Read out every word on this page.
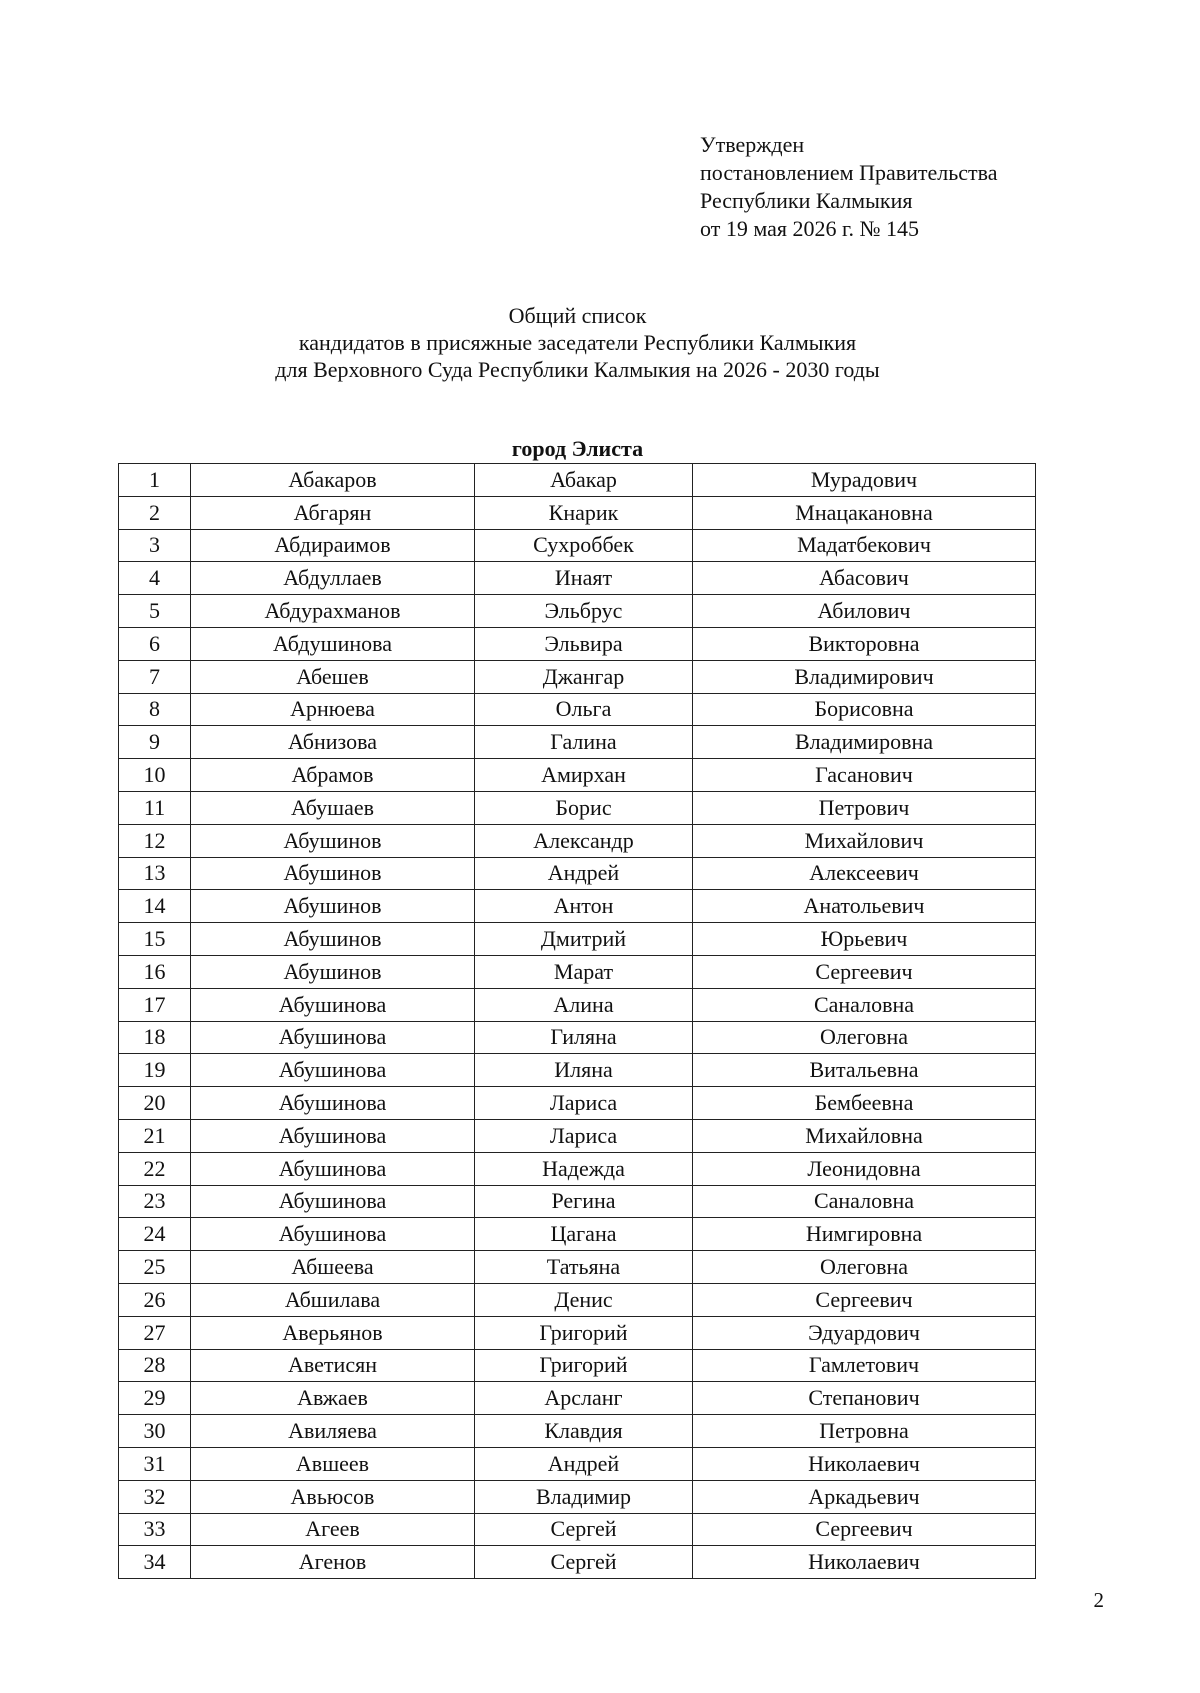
Утвержден
постановлением Правительства
Республики Калмыкия
от 19 мая 2026 г. № 145
Общий список
кандидатов в присяжные заседатели Республики Калмыкия
для Верховного Суда Республики Калмыкия на 2026 - 2030 годы
город Элиста
1	Абакаров	Абакар	Мурадович
2	Абгарян	Кнарик	Мнацакановна
3	Абдираимов	Сухроббек	Мадатбекович
4	Абдуллаев	Инаят	Абасович
5	Абдурахманов	Эльбрус	Абилович
6	Абдушинова	Эльвира	Викторовна
7	Абешев	Джангар	Владимирович
8	Арнюева	Ольга	Борисовна
9	Абнизова	Галина	Владимировна
10	Абрамов	Амирхан	Гасанович
11	Абушаев	Борис	Петрович
12	Абушинов	Александр	Михайлович
13	Абушинов	Андрей	Алексеевич
14	Абушинов	Антон	Анатольевич
15	Абушинов	Дмитрий	Юрьевич
16	Абушинов	Марат	Сергеевич
17	Абушинова	Алина	Саналовна
18	Абушинова	Гиляна	Олеговна
19	Абушинова	Иляна	Витальевна
20	Абушинова	Лариса	Бембеевна
21	Абушинова	Лариса	Михайловна
22	Абушинова	Надежда	Леонидовна
23	Абушинова	Регина	Саналовна
24	Абушинова	Цагана	Нимгировна
25	Абшеева	Татьяна	Олеговна
26	Абшилава	Денис	Сергеевич
27	Аверьянов	Григорий	Эдуардович
28	Аветисян	Григорий	Гамлетович
29	Авжаев	Арсланг	Степанович
30	Авиляева	Клавдия	Петровна
31	Авшеев	Андрей	Николаевич
32	Авьюсов	Владимир	Аркадьевич
33	Агеев	Сергей	Сергеевич
34	Агенов	Сергей	Николаевич
2
